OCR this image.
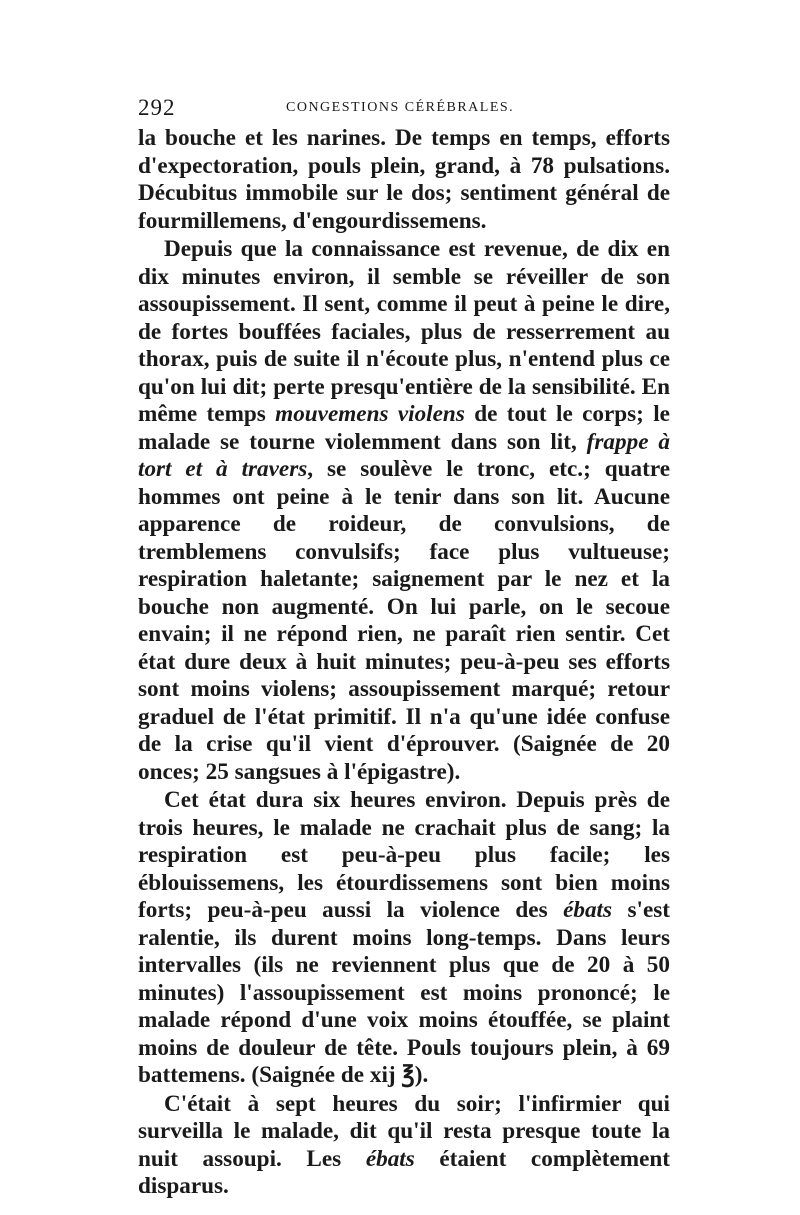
292	CONGESTIONS CÉRÉBRALES.

la bouche et les narines. De temps en temps, efforts d'expectoration, pouls plein, grand, à 78 pulsations. Décubitus immobile sur le dos; sentiment général de fourmillemens, d'engourdissemens.

Depuis que la connaissance est revenue, de dix en dix minutes environ, il semble se réveiller de son assoupissement. Il sent, comme il peut à peine le dire, de fortes bouffées faciales, plus de resserrement au thorax, puis de suite il n'écoute plus, n'entend plus ce qu'on lui dit; perte presqu'entière de la sensibilité. En même temps mouvemens violens de tout le corps; le malade se tourne violemment dans son lit, frappe à tort et à travers, se soulève le tronc, etc.; quatre hommes ont peine à le tenir dans son lit. Aucune apparence de roideur, de convulsions, de tremblemens convulsifs; face plus vultueuse; respiration haletante; saignement par le nez et la bouche non augmenté. On lui parle, on le secoue envain; il ne répond rien, ne paraît rien sentir. Cet état dure deux à huit minutes; peu-à-peu ses efforts sont moins violens; assoupissement marqué; retour graduel de l'état primitif. Il n'a qu'une idée confuse de la crise qu'il vient d'éprouver. (Saignée de 20 onces; 25 sangsues à l'épigastre).

Cet état dura six heures environ. Depuis près de trois heures, le malade ne crachait plus de sang; la respiration est peu-à-peu plus facile; les éblouissemens, les étourdissemens sont bien moins forts; peu-à-peu aussi la violence des ébats s'est ralentie, ils durent moins long-temps. Dans leurs intervalles (ils ne reviennent plus que de 20 à 50 minutes) l'assoupissement est moins prononcé; le malade répond d'une voix moins étouffée, se plaint moins de douleur de tête. Pouls toujours plein, à 69 battemens. (Saignée de xij ℥).

C'était à sept heures du soir; l'infirmier qui surveilla le malade, dit qu'il resta presque toute la nuit assoupi. Les ébats étaient complètement disparus.
